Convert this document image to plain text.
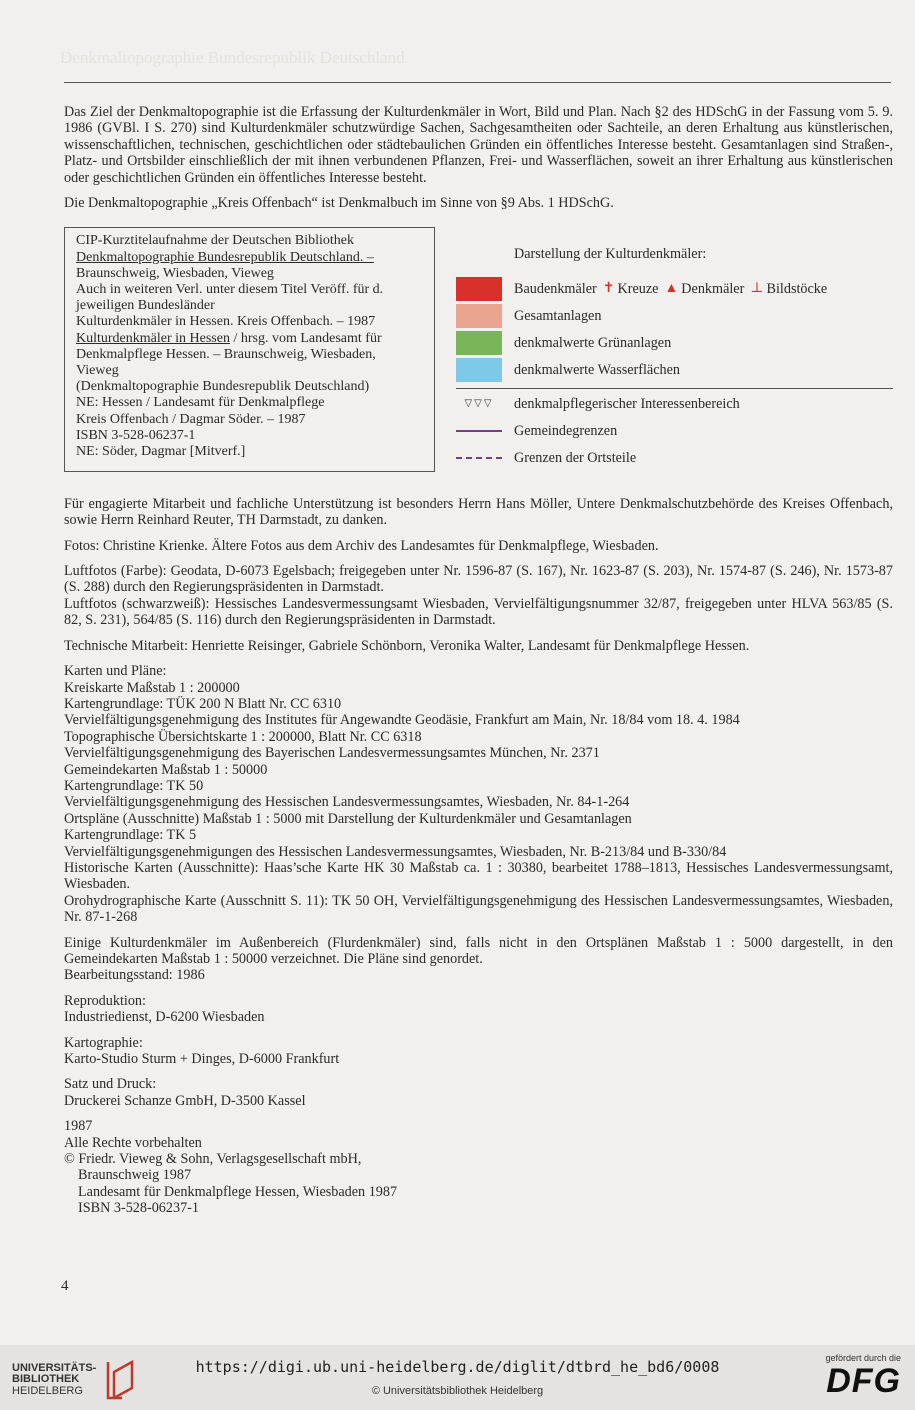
Denkmaltopographie Bundesrepublik Deutschland

Das Ziel der Denkmaltopographie ist die Erfassung der Kulturdenkmäler in Wort, Bild und Plan. Nach §2 des HDSchG in der Fassung vom 5. 9. 1986 (GVBl. I S. 270) sind Kulturdenkmäler schutzwürdige Sachen, Sachgesamtheiten oder Sachteile, an deren Erhaltung aus künstlerischen, wissenschaftlichen, technischen, geschichtlichen oder städtebaulichen Gründen ein öffentliches Interesse besteht. Gesamtanlagen sind Straßen-, Platz- und Ortsbilder einschließlich der mit ihnen verbundenen Pflanzen, Frei- und Wasserflächen, soweit an ihrer Erhaltung aus künstlerischen oder geschichtlichen Gründen ein öffentliches Interesse besteht.

Die Denkmaltopographie „Kreis Offenbach“ ist Denkmalbuch im Sinne von §9 Abs. 1 HDSchG.

CIP-Kurztitelaufnahme der Deutschen Bibliothek
Denkmaltopographie Bundesrepublik Deutschland. –
Braunschweig, Wiesbaden, Vieweg
Auch in weiteren Verl. unter diesem Titel Veröff. für d.
jeweiligen Bundesländer
Kulturdenkmäler in Hessen. Kreis Offenbach. – 1987
Kulturdenkmäler in Hessen / hrsg. vom Landesamt für
Denkmalpflege Hessen. – Braunschweig, Wiesbaden,
Vieweg
(Denkmaltopographie Bundesrepublik Deutschland)
NE: Hessen / Landesamt für Denkmalpflege
Kreis Offenbach / Dagmar Söder. – 1987
ISBN 3-528-06237-1
NE: Söder, Dagmar [Mitverf.]
Darstellung der Kulturdenkmäler:
Baudenkmäler ✝ Kreuze ▲ Denkmäler ⊥ Bildstöcke
Gesamtanlagen
denkmalwerte Grünanlagen
denkmalwerte Wasserflächen
▽▽▽	denkmalpflegerischer Interessenbereich
Gemeindegrenzen
Grenzen der Ortsteile

Für engagierte Mitarbeit und fachliche Unterstützung ist besonders Herrn Hans Möller, Untere Denkmalschutzbehörde des Kreises Offenbach, sowie Herrn Reinhard Reuter, TH Darmstadt, zu danken.

Fotos: Christine Krienke. Ältere Fotos aus dem Archiv des Landesamtes für Denkmalpflege, Wiesbaden.

Luftfotos (Farbe): Geodata, D-6073 Egelsbach; freigegeben unter Nr. 1596-87 (S. 167), Nr. 1623-87 (S. 203), Nr. 1574-87 (S. 246), Nr. 1573-87 (S. 288) durch den Regierungspräsidenten in Darmstadt.

Luftfotos (schwarzweiß): Hessisches Landesvermessungsamt Wiesbaden, Vervielfältigungsnummer 32/87, freigegeben unter HLVA 563/85 (S. 82, S. 231), 564/85 (S. 116) durch den Regierungspräsidenten in Darmstadt.

Technische Mitarbeit: Henriette Reisinger, Gabriele Schönborn, Veronika Walter, Landesamt für Denkmalpflege Hessen.

Karten und Pläne:

Kreiskarte Maßstab 1 : 200000

Kartengrundlage: TÜK 200 N Blatt Nr. CC 6310

Vervielfältigungsgenehmigung des Institutes für Angewandte Geodäsie, Frankfurt am Main, Nr. 18/84 vom 18. 4. 1984

Topographische Übersichtskarte 1 : 200000, Blatt Nr. CC 6318

Vervielfältigungsgenehmigung des Bayerischen Landesvermessungsamtes München, Nr. 2371

Gemeindekarten Maßstab 1 : 50000

Kartengrundlage: TK 50

Vervielfältigungsgenehmigung des Hessischen Landesvermessungsamtes, Wiesbaden, Nr. 84-1-264

Ortspläne (Ausschnitte) Maßstab 1 : 5000 mit Darstellung der Kulturdenkmäler und Gesamtanlagen

Kartengrundlage: TK 5

Vervielfältigungsgenehmigungen des Hessischen Landesvermessungsamtes, Wiesbaden, Nr. B-213/84 und B-330/84

Historische Karten (Ausschnitte): Haas’sche Karte HK 30 Maßstab ca. 1 : 30380, bearbeitet 1788–1813, Hessisches Landesvermessungsamt, Wiesbaden.

Orohydrographische Karte (Ausschnitt S. 11): TK 50 OH, Vervielfältigungsgenehmigung des Hessischen Landesvermessungsamtes, Wiesbaden, Nr. 87-1-268

Einige Kulturdenkmäler im Außenbereich (Flurdenkmäler) sind, falls nicht in den Ortsplänen Maßstab 1 : 5000 dargestellt, in den Gemeindekarten Maßstab 1 : 50000 verzeichnet. Die Pläne sind genordet.

Bearbeitungsstand: 1986

Reproduktion:

Industriedienst, D-6200 Wiesbaden

Kartographie:

Karto-Studio Sturm + Dinges, D-6000 Frankfurt

Satz und Druck:

Druckerei Schanze GmbH, D-3500 Kassel

1987

Alle Rechte vorbehalten

© Friedr. Vieweg & Sohn, Verlagsgesellschaft mbH,

Braunschweig 1987

Landesamt für Denkmalpflege Hessen, Wiesbaden 1987

ISBN 3-528-06237-1

4
UNIVERSITÄTS-
BIBLIOTHEK
HEIDELBERG
https://digi.ub.uni-heidelberg.de/diglit/dtbrd_he_bd6/0008
© Universitätsbibliothek Heidelberg
gefördert durch die
DFG
